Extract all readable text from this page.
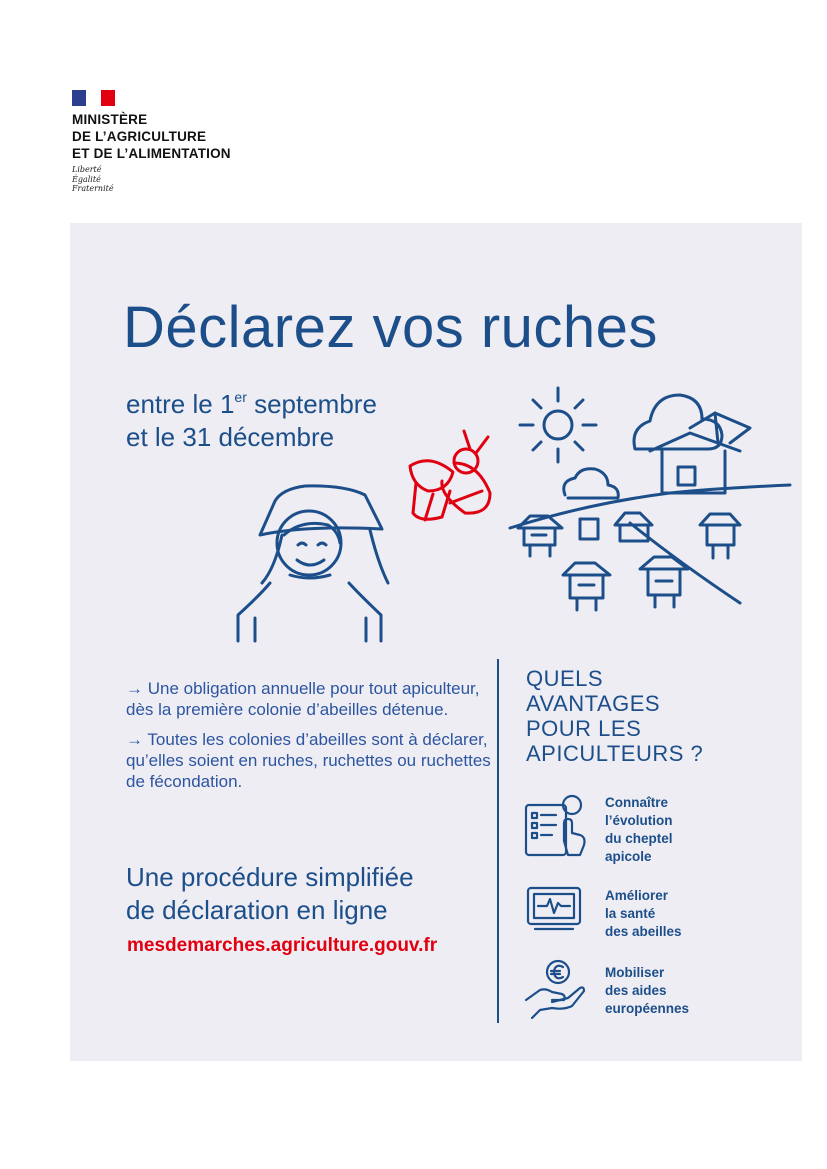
MINISTÈRE
DE L’AGRICULTURE
ET DE L’ALIMENTATION
Liberté
Égalité
Fraternité
Déclarez vos ruches
entre le 1er septembre
et le 31 décembre
→ Une obligation annuelle pour tout apiculteur, dès la première colonie d’abeilles détenue.
→ Toutes les colonies d’abeilles sont à déclarer, qu’elles soient en ruches, ruchettes ou ruchettes de fécondation.
Une procédure simplifiée
de déclaration en ligne
mesdemarches.agriculture.gouv.fr
QUELS
AVANTAGES
POUR LES
APICULTEURS ?
Connaître
l’évolution
du cheptel
apicole
Améliorer
la santé
des abeilles
Mobiliser
des aides
européennes
